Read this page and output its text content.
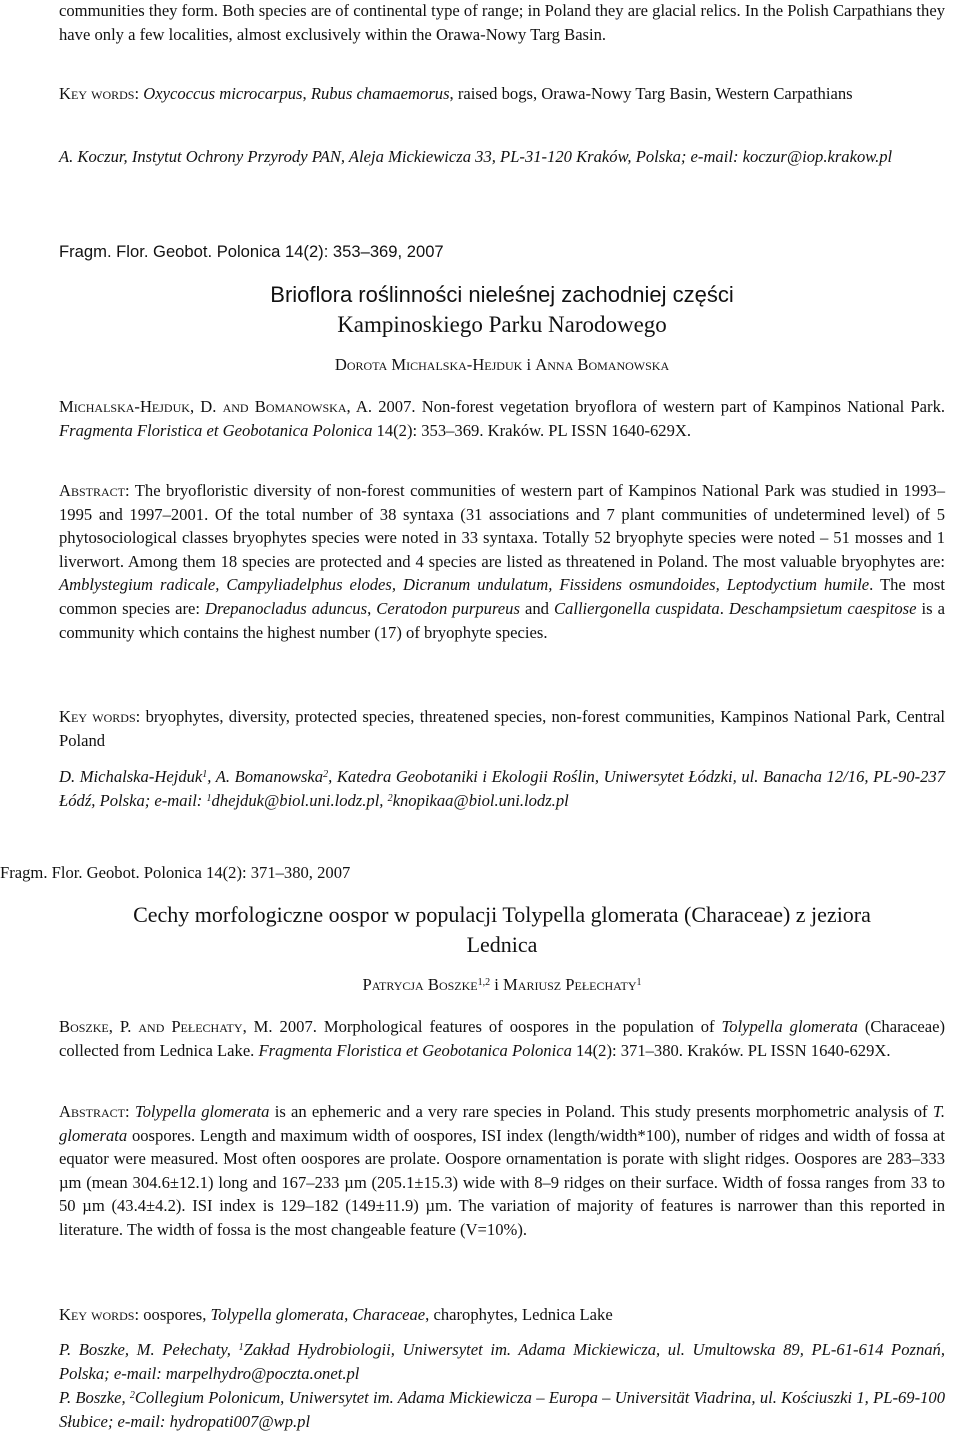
communities they form. Both species are of continental type of range; in Poland they are glacial relics. In the Polish Carpathians they have only a few localities, almost exclusively within the Orawa-Nowy Targ Basin.

Key words: Oxycoccus microcarpus, Rubus chamaemorus, raised bogs, Orawa-Nowy Targ Basin, Western Carpathians

A. Koczur, Instytut Ochrony Przyrody PAN, Aleja Mickiewicza 33, PL-31-120 Kraków, Polska; e-mail: koczur@iop.krakow.pl

Fragm. Flor. Geobot. Polonica 14(2): 353–369, 2007
Brioflora roślinności nieleśnej zachodniej części
Kampinoskiego Parku Narodowego
Dorota Michalska-Hejduk i Anna Bomanowska

Michalska-Hejduk, D. and Bomanowska, A. 2007. Non-forest vegetation bryoflora of western part of Kampinos National Park. Fragmenta Floristica et Geobotanica Polonica 14(2): 353–369. Kraków. PL ISSN 1640-629X.

Abstract: The bryofloristic diversity of non-forest communities of western part of Kampinos National Park was studied in 1993–1995 and 1997–2001. Of the total number of 38 syntaxa (31 associations and 7 plant communities of undetermined level) of 5 phytosociological classes bryophytes species were noted in 33 syntaxa. Totally 52 bryophyte species were noted – 51 mosses and 1 liverwort. Among them 18 species are protected and 4 species are listed as threatened in Poland. The most valuable bryophytes are: Amblystegium radicale, Campyliadelphus elodes, Dicranum undulatum, Fissidens osmundoides, Leptodyctium humile. The most common species are: Drepanocladus aduncus, Ceratodon purpureus and Calliergonella cuspidata. Deschampsietum caespitose is a community which contains the highest number (17) of bryophyte species.

Key words: bryophytes, diversity, protected species, threatened species, non-forest communities, Kampinos National Park, Central Poland

D. Michalska-Hejduk$^1$, A. Bomanowska$^2$, Katedra Geobotaniki i Ekologii Roślin, Uniwersytet Łódzki, ul. Banacha 12/16, PL-90-237 Łódź, Polska; e-mail: $^1$dhejduk@biol.uni.lodz.pl, $^2$knopikaa@biol.uni.lodz.pl

Fragm. Flor. Geobot. Polonica 14(2): 371–380, 2007
Cechy morfologiczne oospor w populacji Tolypella glomerata (Characeae) z jeziora
Lednica
Patrycja Boszke$^{1,2}$ i Mariusz Pełechaty$^1$

Boszke, P. and Pełechaty, M. 2007. Morphological features of oospores in the population of Tolypella glomerata (Characeae) collected from Lednica Lake. Fragmenta Floristica et Geobotanica Polonica 14(2): 371–380. Kraków. PL ISSN 1640-629X.

Abstract: Tolypella glomerata is an ephemeric and a very rare species in Poland. This study presents morphometric analysis of T. glomerata oospores. Length and maximum width of oospores, ISI index (length/width*100), number of ridges and width of fossa at equator were measured. Most often oospores are prolate. Oospore ornamentation is porate with slight ridges. Oospores are 283–333 µm (mean 304.6±12.1) long and 167–233 µm (205.1±15.3) wide with 8–9 ridges on their surface. Width of fossa ranges from 33 to 50 µm (43.4±4.2). ISI index is 129–182 (149±11.9) µm. The variation of majority of features is narrower than this reported in literature. The width of fossa is the most changeable feature (V=10%).

Key words: oospores, Tolypella glomerata, Characeae, charophytes, Lednica Lake

P. Boszke, M. Pełechaty, $^1$Zakład Hydrobiologii, Uniwersytet im. Adama Mickiewicza, ul. Umultowska 89, PL-61-614 Poznań, Polska; e-mail: marpelhydro@poczta.onet.pl

P. Boszke, $^2$Collegium Polonicum, Uniwersytet im. Adama Mickiewicza – Europa – Universität Viadrina, ul. Kościuszki 1, PL-69-100 Słubice; e-mail: hydropati007@wp.pl
